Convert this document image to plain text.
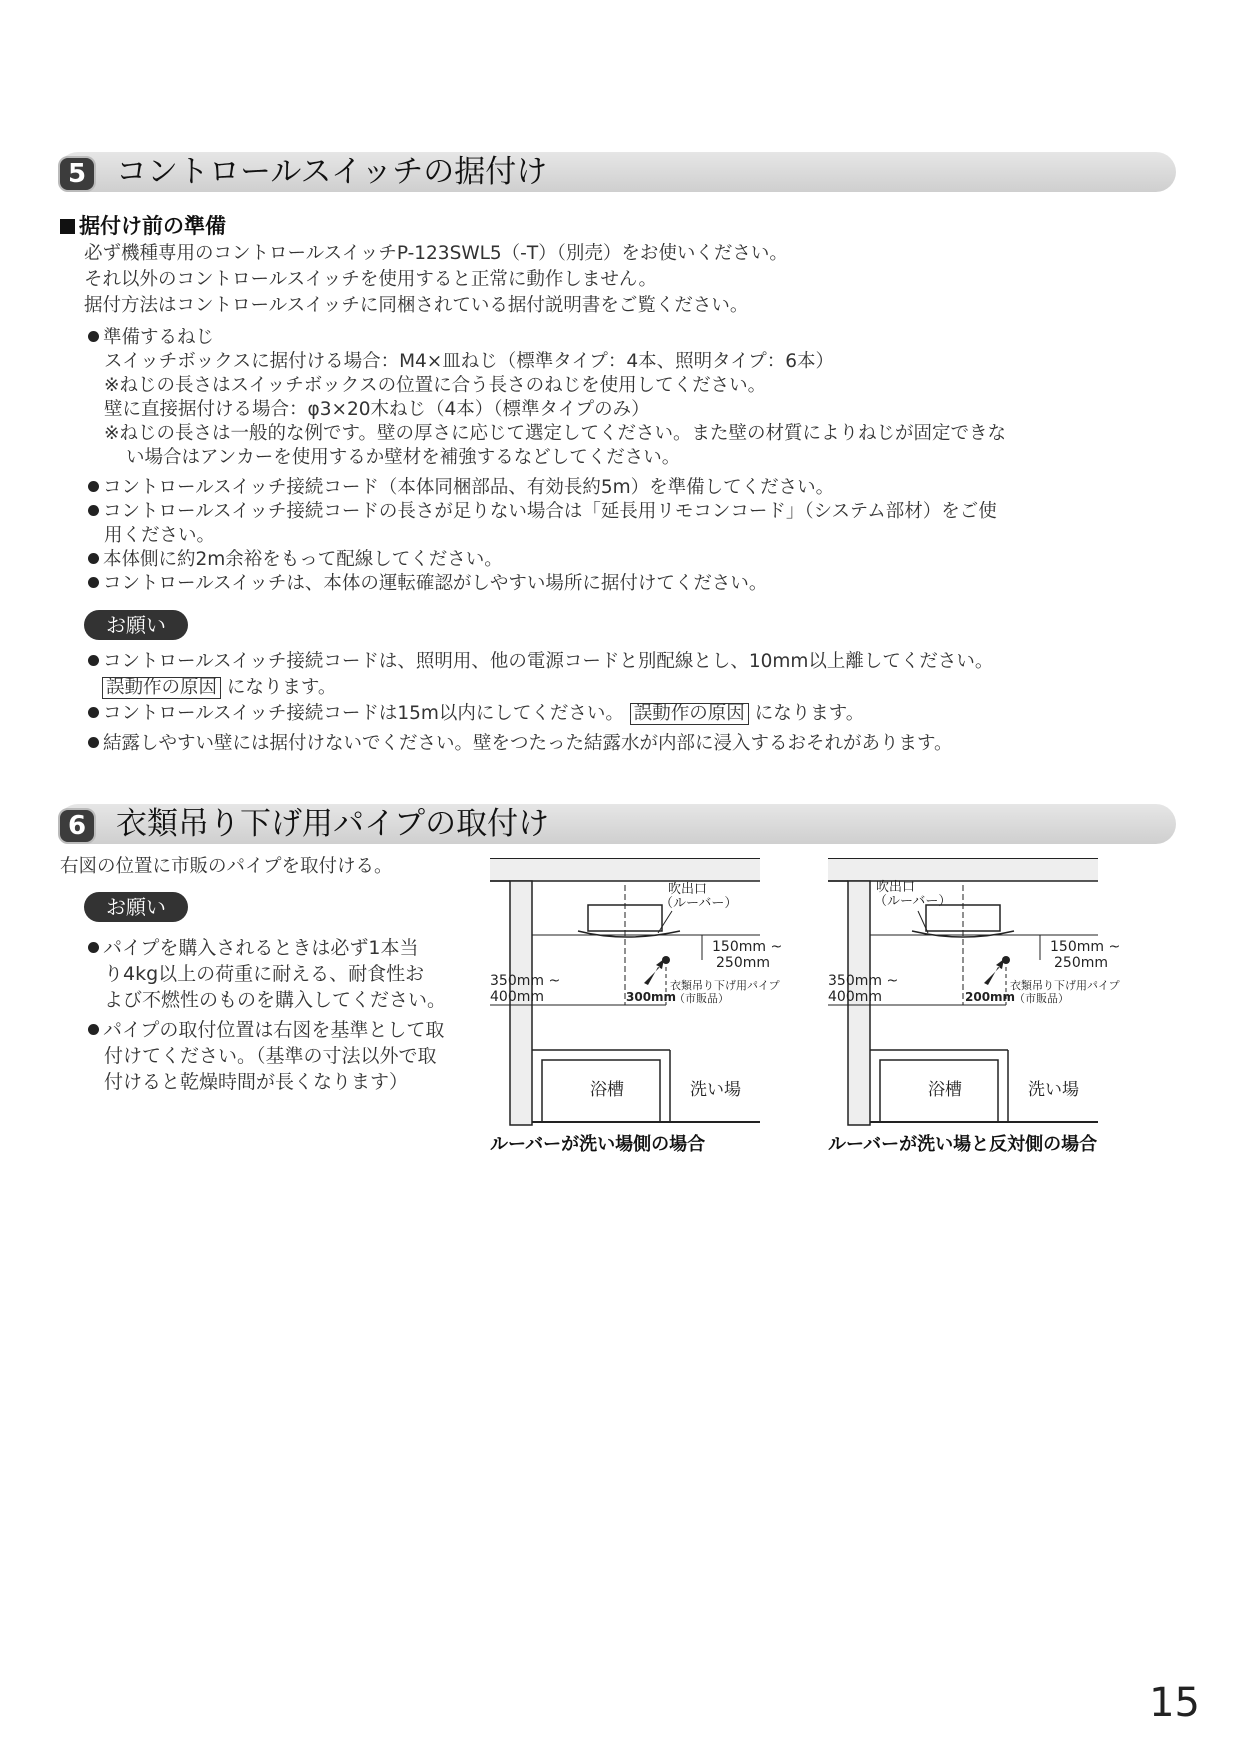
5 コントロールスイッチの据付け
据付け前の準備
必ず機種専用のコントロールスイッチP-123SWL5（-T）（別売）をお使いください。
それ以外のコントロールスイッチを使用すると正常に動作しません。
据付方法はコントロールスイッチに同梱されている据付説明書をご覧ください。
準備するねじ
スイッチボックスに据付ける場合：M4×皿ねじ（標準タイプ：4本、照明タイプ：6本）
※ねじの長さはスイッチボックスの位置に合う長さのねじを使用してください。
壁に直接据付ける場合：φ3×20木ねじ（4本）（標準タイプのみ）
※ねじの長さは一般的な例です。壁の厚さに応じて選定してください。また壁の材質によりねじが固定できな
い場合はアンカーを使用するか壁材を補強するなどしてください。
コントロールスイッチ接続コード（本体同梱部品、有効長約5m）を準備してください。
コントロールスイッチ接続コードの長さが足りない場合は「延長用リモコンコード」（システム部材）をご使
用ください。
本体側に約2m余裕をもって配線してください。
コントロールスイッチは、本体の運転確認がしやすい場所に据付けてください。
お願い
コントロールスイッチ接続コードは、照明用、他の電源コードと別配線とし、10mm以上離してください。
誤動作の原因 になります。
コントロールスイッチ接続コードは15m以内にしてください。 誤動作の原因 になります。
結露しやすい壁には据付けないでください。壁をつたった結露水が内部に浸入するおそれがあります。
6 衣類吊り下げ用パイプの取付け
右図の位置に市販のパイプを取付ける。
お願い
パイプを購入されるときは必ず1本当
り4kg以上の荷重に耐える、耐食性お
よび不燃性のものを購入してください。
パイプの取付位置は右図を基準として取
付けてください。（基準の寸法以外で取
付けると乾燥時間が長くなります）
吹出口
（ルーバー）
150mm ~
250mm
350mm ~
400mm	300mm
衣類吊り下げ用パイプ
（市販品）
浴槽	洗い場
ルーバーが洗い場側の場合
吹出口
（ルーバー）
150mm ~
250mm
350mm ~
400mm	200mm
衣類吊り下げ用パイプ
（市販品）
浴槽	洗い場
ルーバーが洗い場と反対側の場合
15
